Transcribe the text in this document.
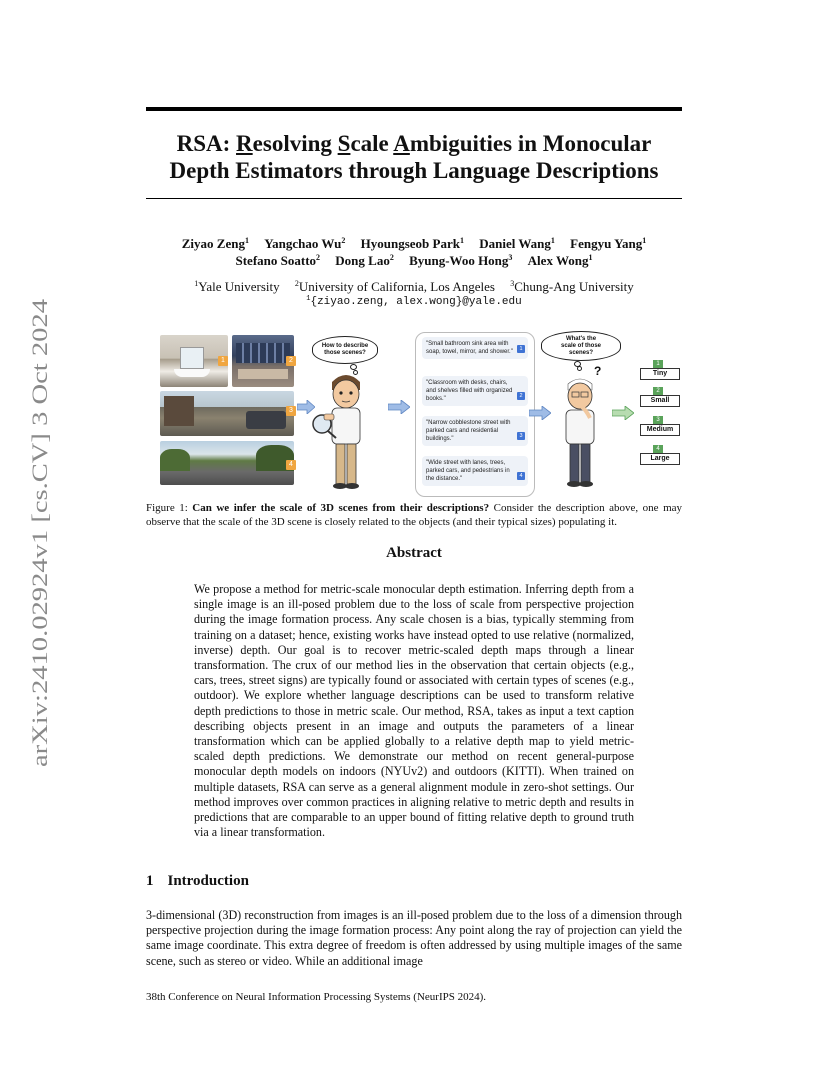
arXiv:2410.02924v1 [cs.CV] 3 Oct 2024
RSA: Resolving Scale Ambiguities in Monocular
Depth Estimators through Language Descriptions
Ziyao Zeng$^1$ Yangchao Wu$^2$ Hyoungseob Park$^1$ Daniel Wang$^1$ Fengyu Yang$^1$
Stefano Soatto$^2$ Dong Lao$^2$ Byung-Woo Hong$^3$ Alex Wong$^1$
$^1$Yale University $^2$University of California, Los Angeles $^3$Chung-Ang University
$^1${ziyao.zeng, alex.wong}@yale.edu
1	2
3
4
How to describe those scenes?
"Small bathroom sink area with soap, towel, mirror, and shower."	1
"Classroom with desks, chairs, and shelves filled with organized books."	2
"Narrow cobblestone street with parked cars and residential buildings."	3
"Wide street with lanes, trees, parked cars, and pedestrians in the distance."	4
What's the scale of those scenes?
?	1
Tiny
2
Small
3
Medium
4
Large
Figure 1: Can we infer the scale of 3D scenes from their descriptions? Consider the description above, one may observe that the scale of the 3D scene is closely related to the objects (and their typical sizes) populating it.
Abstract
We propose a method for metric-scale monocular depth estimation. Inferring depth from a single image is an ill-posed problem due to the loss of scale from perspective projection during the image formation process. Any scale chosen is a bias, typically stemming from training on a dataset; hence, existing works have instead opted to use relative (normalized, inverse) depth. Our goal is to recover metric-scaled depth maps through a linear transformation. The crux of our method lies in the observation that certain objects (e.g., cars, trees, street signs) are typically found or associated with certain types of scenes (e.g., outdoor). We explore whether language descriptions can be used to transform relative depth predictions to those in metric scale. Our method, RSA, takes as input a text caption describing objects present in an image and outputs the parameters of a linear transformation which can be applied globally to a relative depth map to yield metric-scaled depth predictions. We demonstrate our method on recent general-purpose monocular depth models on indoors (NYUv2) and outdoors (KITTI). When trained on multiple datasets, RSA can serve as a general alignment module in zero-shot settings. Our method improves over common practices in aligning relative to metric depth and results in predictions that are comparable to an upper bound of fitting relative depth to ground truth via a linear transformation.
1 Introduction
3-dimensional (3D) reconstruction from images is an ill-posed problem due to the loss of a dimension through perspective projection during the image formation process: Any point along the ray of projection can yield the same image coordinate. This extra degree of freedom is often addressed by using multiple images of the same scene, such as stereo or video. While an additional image
38th Conference on Neural Information Processing Systems (NeurIPS 2024).
